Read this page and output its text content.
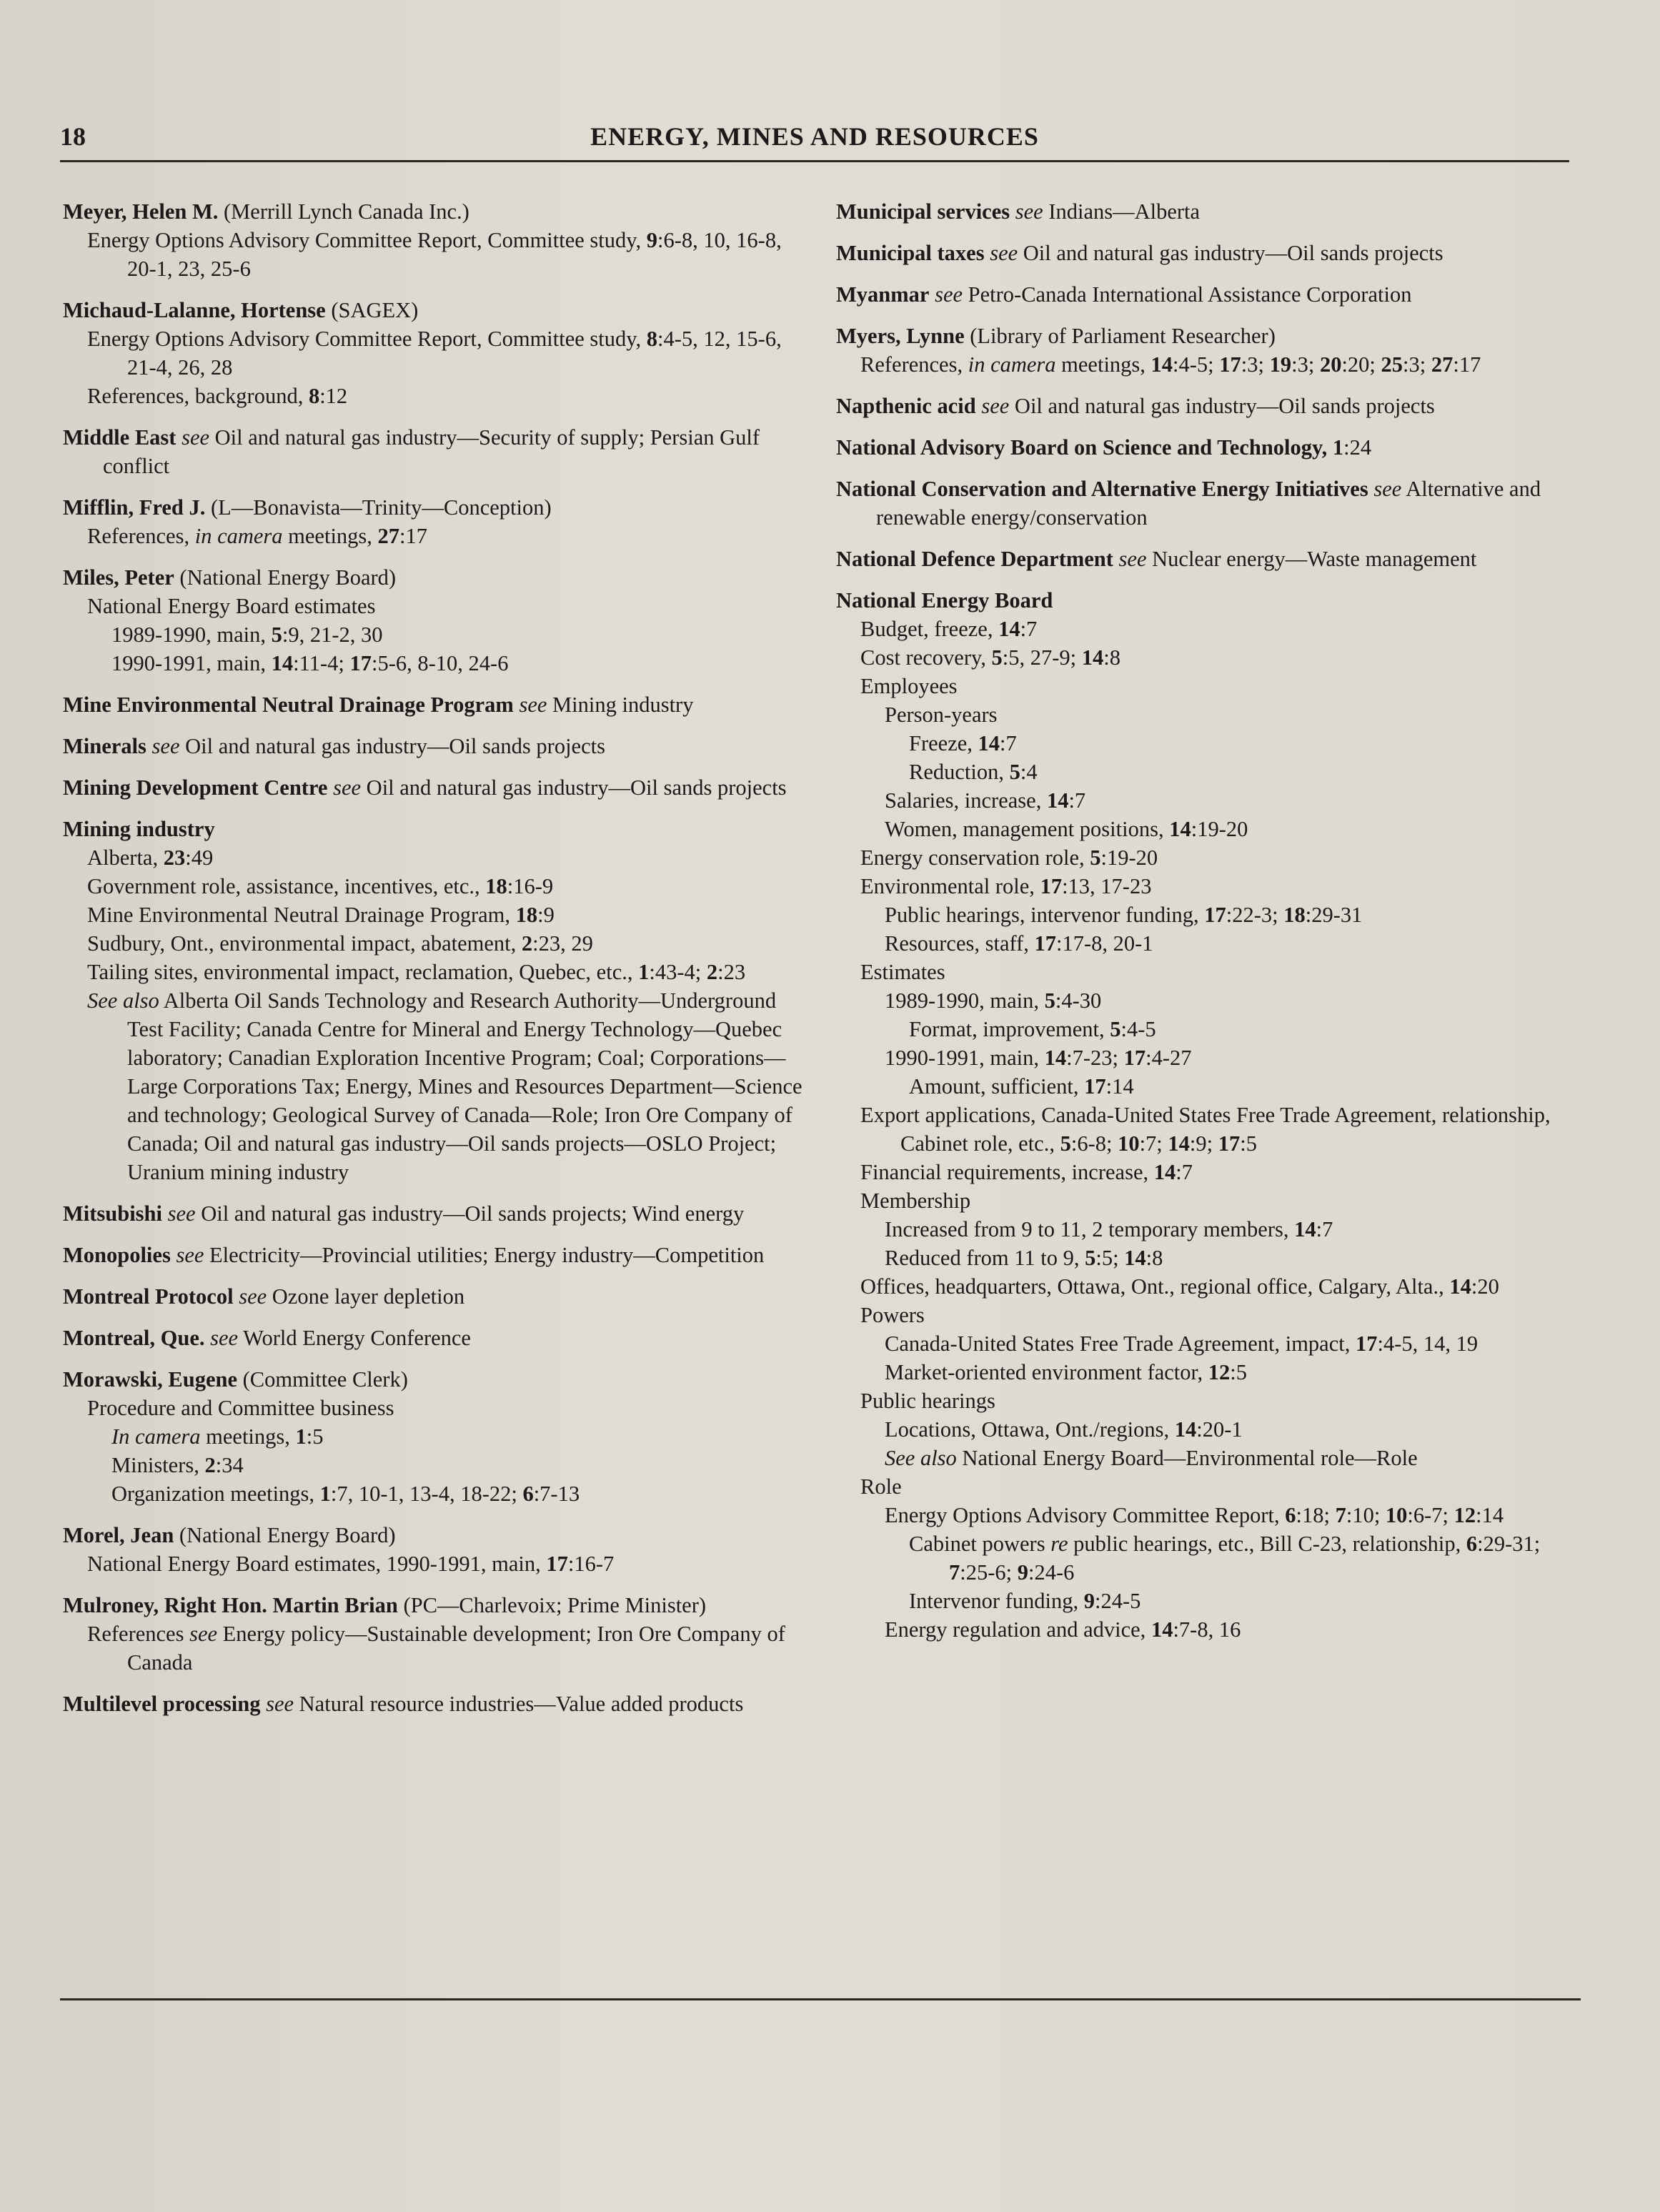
18	ENERGY, MINES AND RESOURCES
Meyer, Helen M. (Merrill Lynch Canada Inc.)
Energy Options Advisory Committee Report, Committee study, 9:6-8, 10, 16-8, 20-1, 23, 25-6
Michaud-Lalanne, Hortense (SAGEX)
Energy Options Advisory Committee Report, Committee study, 8:4-5, 12, 15-6, 21-4, 26, 28
References, background, 8:12
Middle East see Oil and natural gas industry—Security of supply; Persian Gulf conflict
Mifflin, Fred J. (L—Bonavista—Trinity—Conception)
References, in camera meetings, 27:17
Miles, Peter (National Energy Board)
National Energy Board estimates
1989-1990, main, 5:9, 21-2, 30
1990-1991, main, 14:11-4; 17:5-6, 8-10, 24-6
Mine Environmental Neutral Drainage Program see Mining industry
Minerals see Oil and natural gas industry—Oil sands projects
Mining Development Centre see Oil and natural gas industry—Oil sands projects
Mining industry
Alberta, 23:49
Government role, assistance, incentives, etc., 18:16-9
Mine Environmental Neutral Drainage Program, 18:9
Sudbury, Ont., environmental impact, abatement, 2:23, 29
Tailing sites, environmental impact, reclamation, Quebec, etc., 1:43-4; 2:23
See also Alberta Oil Sands Technology and Research Authority—Underground Test Facility; Canada Centre for Mineral and Energy Technology—Quebec laboratory; Canadian Exploration Incentive Program; Coal; Corporations—Large Corporations Tax; Energy, Mines and Resources Department—Science and technology; Geological Survey of Canada—Role; Iron Ore Company of Canada; Oil and natural gas industry—Oil sands projects—OSLO Project; Uranium mining industry
Mitsubishi see Oil and natural gas industry—Oil sands projects; Wind energy
Monopolies see Electricity—Provincial utilities; Energy industry—Competition
Montreal Protocol see Ozone layer depletion
Montreal, Que. see World Energy Conference
Morawski, Eugene (Committee Clerk)
Procedure and Committee business
In camera meetings, 1:5
Ministers, 2:34
Organization meetings, 1:7, 10-1, 13-4, 18-22; 6:7-13
Morel, Jean (National Energy Board)
National Energy Board estimates, 1990-1991, main, 17:16-7
Mulroney, Right Hon. Martin Brian (PC—Charlevoix; Prime Minister)
References see Energy policy—Sustainable development; Iron Ore Company of Canada
Multilevel processing see Natural resource industries—Value added products
Municipal services see Indians—Alberta
Municipal taxes see Oil and natural gas industry—Oil sands projects
Myanmar see Petro-Canada International Assistance Corporation
Myers, Lynne (Library of Parliament Researcher)
References, in camera meetings, 14:4-5; 17:3; 19:3; 20:20; 25:3; 27:17
Napthenic acid see Oil and natural gas industry—Oil sands projects
National Advisory Board on Science and Technology, 1:24
National Conservation and Alternative Energy Initiatives see Alternative and renewable energy/conservation
National Defence Department see Nuclear energy—Waste management
National Energy Board
Budget, freeze, 14:7
Cost recovery, 5:5, 27-9; 14:8
Employees
Person-years
Freeze, 14:7
Reduction, 5:4
Salaries, increase, 14:7
Women, management positions, 14:19-20
Energy conservation role, 5:19-20
Environmental role, 17:13, 17-23
Public hearings, intervenor funding, 17:22-3; 18:29-31
Resources, staff, 17:17-8, 20-1
Estimates
1989-1990, main, 5:4-30
Format, improvement, 5:4-5
1990-1991, main, 14:7-23; 17:4-27
Amount, sufficient, 17:14
Export applications, Canada-United States Free Trade Agreement, relationship, Cabinet role, etc., 5:6-8; 10:7; 14:9; 17:5
Financial requirements, increase, 14:7
Membership
Increased from 9 to 11, 2 temporary members, 14:7
Reduced from 11 to 9, 5:5; 14:8
Offices, headquarters, Ottawa, Ont., regional office, Calgary, Alta., 14:20
Powers
Canada-United States Free Trade Agreement, impact, 17:4-5, 14, 19
Market-oriented environment factor, 12:5
Public hearings
Locations, Ottawa, Ont./regions, 14:20-1
See also National Energy Board—Environmental role—Role
Role
Energy Options Advisory Committee Report, 6:18; 7:10; 10:6-7; 12:14
Cabinet powers re public hearings, etc., Bill C-23, relationship, 6:29-31; 7:25-6; 9:24-6
Intervenor funding, 9:24-5
Energy regulation and advice, 14:7-8, 16
